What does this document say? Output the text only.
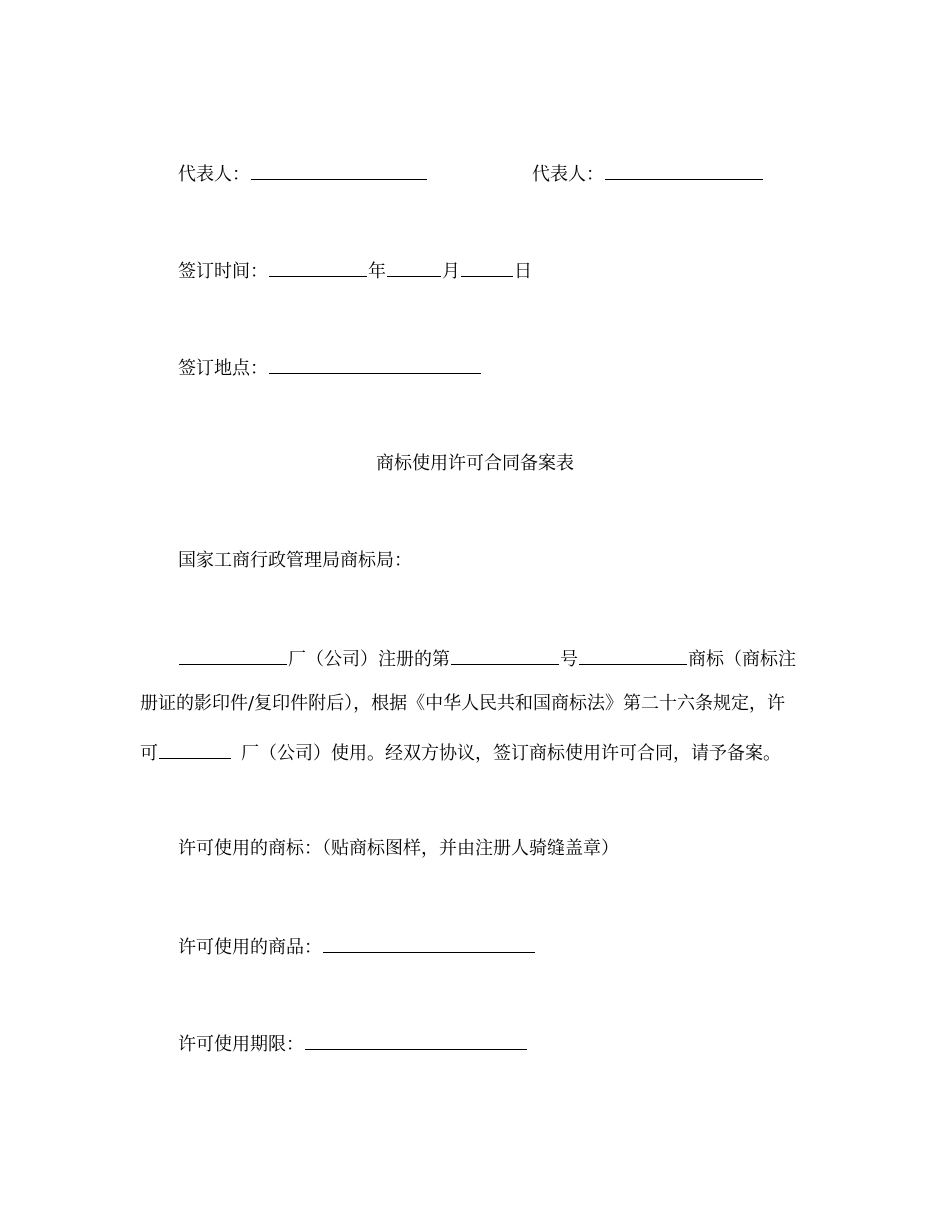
代表人：	代表人：
签订时间：	年	月	日
签订地点：
商标使用许可合同备案表
国家工商行政管理局商标局：
厂（公司）注册的第	号	商标（商标注
册证的影印件/复印件附后），根据《中华人民共和国商标法》第二十六条规定，许
可	厂（公司）使用。经双方协议，签订商标使用许可合同，请予备案。
许可使用的商标：（贴商标图样，并由注册人骑缝盖章）
许可使用的商品：
许可使用期限：
